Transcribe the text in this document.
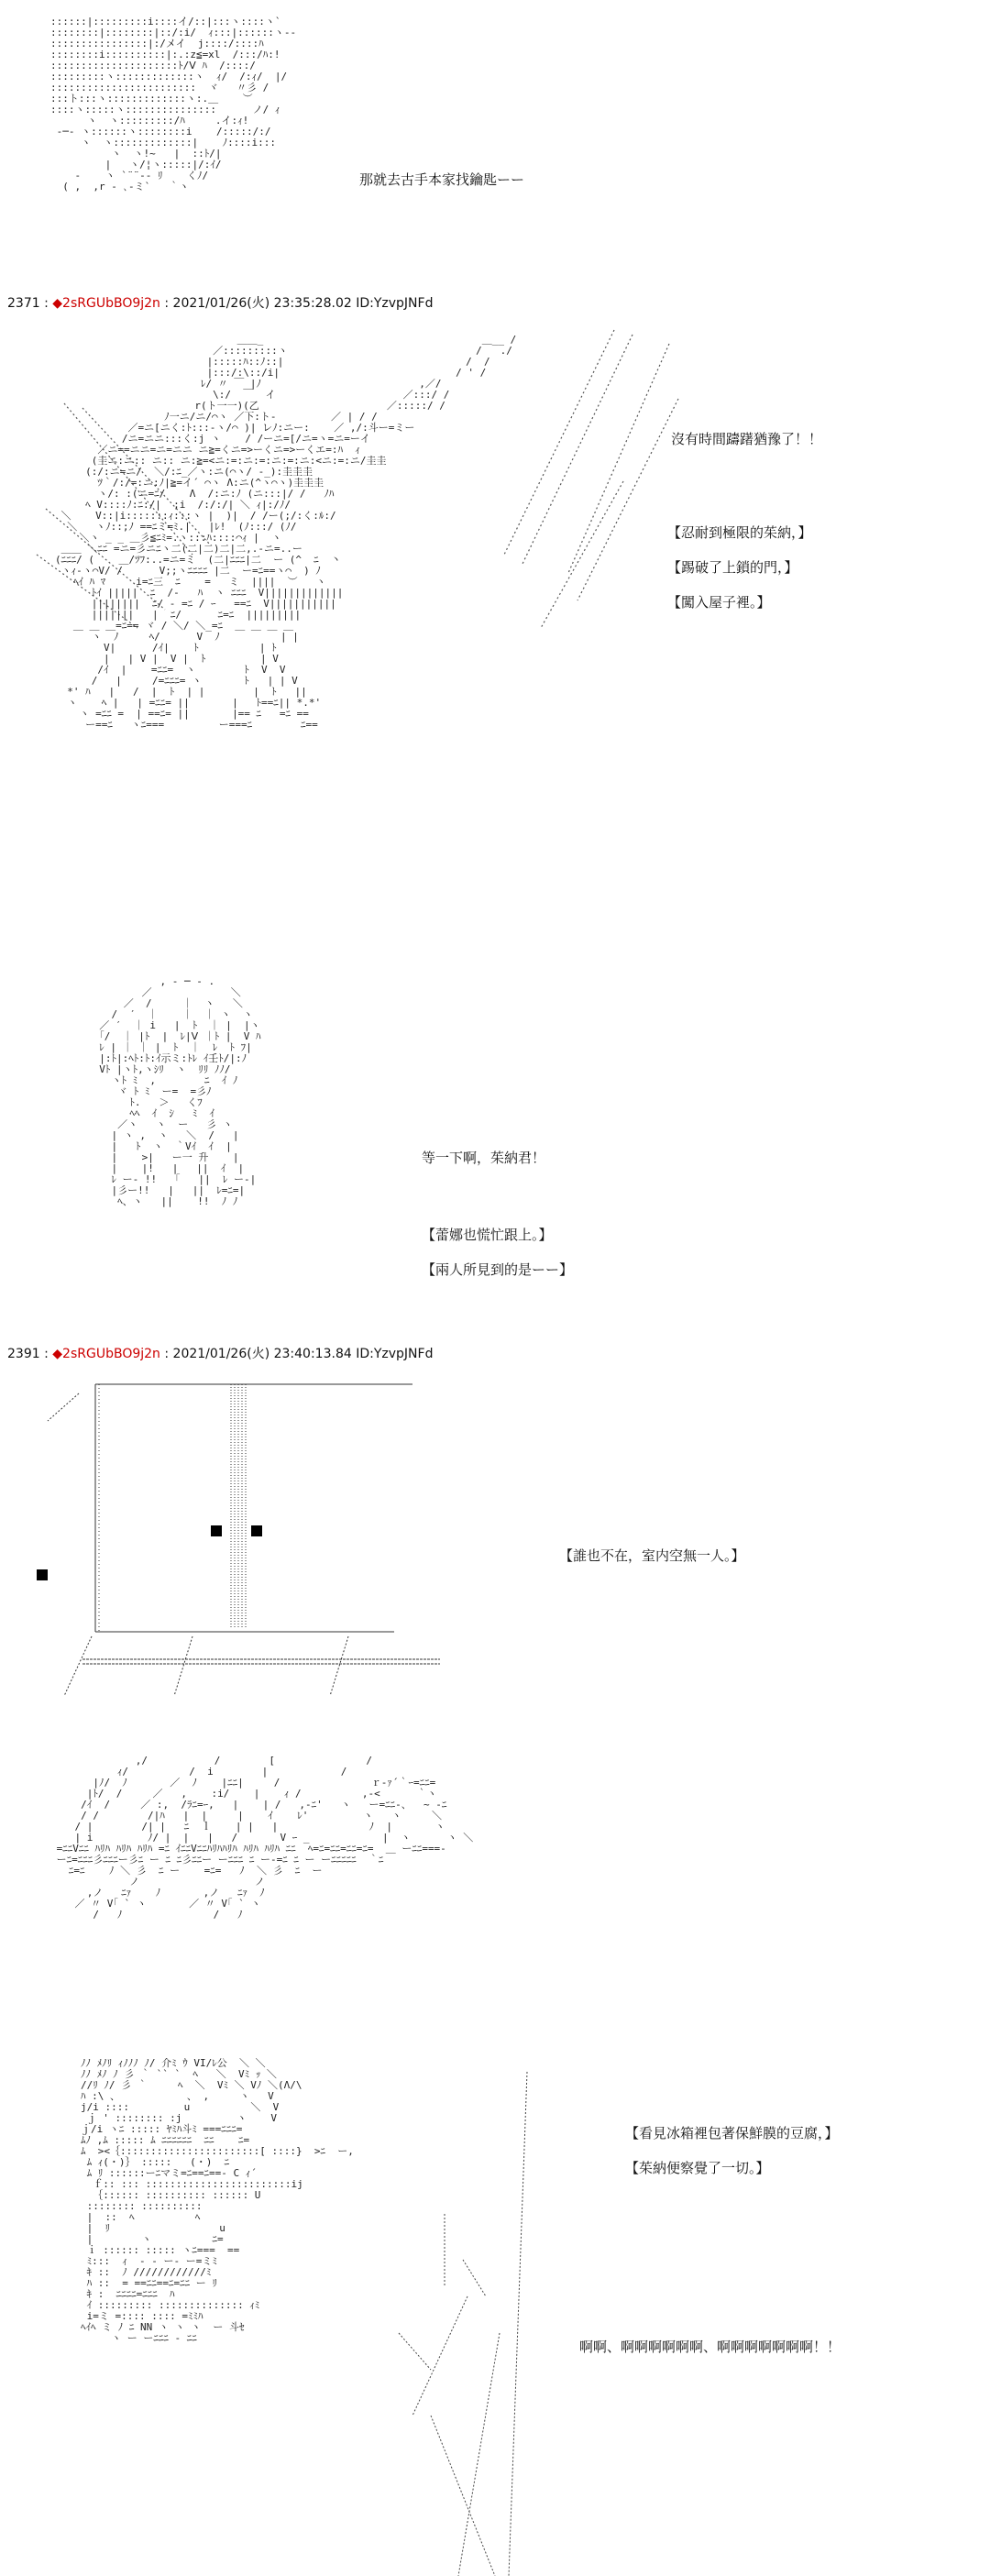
::::::|:::::::::i::::イ/::|:::ヽ::::ヽ`
::::::::|::::::::|::/:i/  ｨ:::|::::::ヽ-‐
::::::::::::::::|:/メイ  j::::/::::ﾊ
::::::::i::::::::::|:.:z≦=xl  /:::/ﾊ:!
:::::::::::::::::::::ﾄ/Ⅴ ﾊ  /::::/
:::::::::ヽ:::::::::::::ヽ  ｨ/  /:ｨ/  |/
::::::::::::::::::::::::  ヾ   〃彡 /
:::ト:::ヽ:::::::::::::ヽ:.＿    ︶
::::ヽ:::::ヽ:::::::::::::::      ノ/ ｨ
ヽ  ヽ:::::::::/ﾊ     .イ:ｨ!
‐─‐ ヽ::::::ヽ::::::::i    /:::::/:/
ヽ  ヽ:::::::::::::|    ﾉ::::i:::
ヽ  ヽ!~   |  ::ﾄ/|
|   ヽ/¦ヽ:::::|/:ｲ/
‐    ヽ `¨¨‐- ﾘ    くﾉ/
( ,  ,r - ､-ミ`   ｀ヽ	那就去古手本家找鑰匙ーー
2371 : ◆2sRGUbBO9j2n : 2021/01/26(火) 23:35:28.02 ID:YzvpJNFd
＿＿_                                    ＿__ /
／:::::::::ヽ                               /   ./
|:::::ﾊ::ﾉ::|                              /  /
|:::/:\::/i|                             / ' /
ﾚ/ 〃 ￣ |ﾉ                          ,／/
\:/  ￣  イ                     ／:::/ /
r(ト一一)(乙                     ／:::::/ /
ﾉ一ニ/ニ/⌒ヽ ／下:ト-         ／ | / /
／=ニ[ニく:ﾄ:::‐ヽ/⌒ )| レﾉ:ニー:    ／ ,/:斗ー=ミー
/ニ=ニニ:::く:j ヽ    / /ーニ=[/ニ=ヽ=ニ=ーイ
／ニ==ニニ=ニ=ニニ ニ≧=くニ=>ーくニ=>ーくエ=:ﾊ  ｨ
(圭ニ:ニ:: ニ:: ニ:≧=<ニ:=:ニ:=:ニ:=:ニ:<ニ:=:ニ/圭圭
(:/:ニ=ニ/  ＼/:ﾆ_／ヽ:ニ(⌒ヽ/ ‐_):圭圭圭
ﾂ｀/:/=:ニ:ﾉ|≧=イ´ ⌒ヽ Λ:ニ(^ヽ⌒ヽ)圭圭圭
ヽ/: :(ニ=ﾆ/    Λ  /:ニ:ﾉ (ニ:::|/ /   ﾉﾊ
ﾍ V::::ﾉ:ﾆ:/|  ;i  /:/:/| ＼ ｨ|:/ﾉ/
＼    V::|i:::::::ｨ:::ヽ |  )|  / /ー(;/:く:ﾙ:/
＼   ヽﾉ::;ﾉ ==ﾆミ=ﾐ.|   |ﾚ!  (ﾉ:::/ (ﾉ/
＼ヽ _ _ ＿彡≦ﾆﾐ=.ヽ:::ﾊ::::⌒ｨ |  ヽ
＿＿ ＼ﾆﾆ =ニ=彡ニﾆヽ二(二|二)二|二,.-ニ=..ー
(ﾆﾆﾆ/ (    ＿/ﾂﾌ:..=ニ=ミ  (二|ﾆﾆﾆ|二  ー (^  ﾆ  丶
ヽｨ‐ヽ⌒V/ /      V;;ヽﾆﾆﾆﾆ |二  ー=ﾆ==ヽ⌒  ) ﾉ
ﾍｲ ﾊ ﾏ     i=ﾆ三  ﾆ    =   ミ  ||||  ︶   ヽ
ﾄｲ |||||  ﾆ  /-   ﾊ  ヽ ﾆﾆﾆ  V|||||||||||||
||||||||  ﾆ/ ‐ =ﾆ / ｰ   ==ﾆ  V|||||||||||
|||||||   |  ﾆ/      ﾆ=ﾆ  |||||||||
＿ ＿ ＿=ﾆ== ヾ / ＼/ ＼_=ﾆ  ＿ ＿ ＿ ＿
ヽ  ﾉ     ﾍ/      V  ﾉ          | |
V|      /ｲ|    ﾄ          | ﾄ
|   | V |  V |  ﾄ         | V
/ｲ  |    =ﾆﾆ=  ヽ        ﾄ  V  V
/   |     /=ﾆﾆﾆ= ヽ       ﾄ   | | V
*' ﾊ   |   /  |  ﾄ  | |        |  ﾄ   ||
ヽ    ﾍ |   | =ﾆﾆ= ||       |   ﾄ==ﾆ|| *.*'
ヽ =ﾆﾆ =  | ==ﾆ= ||       |== ﾆ   =ﾆ ==
ー==ﾆ   ヽﾆ===         ー===ﾆ        ﾆ==
沒有時間躊躇猶豫了！！
【忍耐到極限的茱納，】
【踢破了上鎖的門，】
【闖入屋子裡。】
, ‐ ─ ‐ .
／             ＼
／  /     ｜  ヽ   ＼
/  ′  ｜    ｜  ｜ ヽ  ヽ
／ ′  ｜ i   |  ﾄ  ｜ |  |ヽ
｢/  ｜ |ﾄ  |  ﾚ|Ⅴ ｜ﾄ |  V ﾊ
ﾚ | ｜ ｜ |  ﾄ  ｜  ﾚ  ﾄ ﾌ|
|:ﾄ|:ﾍﾄ:ﾄ:ｲ示ミ:ﾄﾚ ｲ壬ﾄ/|:ﾉ
Vﾄ |ヽﾄ,ヽｼﾘ  ヽ  ﾘﾘ ﾉﾉ/
ヽﾄ ﾐ  ,        ﾆ  ｲ ﾉ
ヾ ﾄ ﾐ  ー=  =彡ﾉ
ﾄ.   ＞   くﾌ
ﾍﾍ  ｲ  ｼ   ﾐ  ｲ
／ヽ   ヽ  ー   彡 ヽ
| ヽ ,  ヽ   ＼  /   |
|   ﾄ  ヽ  ｀Vｲ  ｲ  |
|    >|   ー一 升    |
|    |!   |   ||  ｲ  |
ﾚ ー‐ !!   ｢   ||  ﾚ ー‐|
|彡ー!!   |   ||  ﾚ=ﾆ=|
ﾍ、ヽ   ||    !!  ﾉ ﾉ
等一下啊，茱納君！
【蕾娜也慌忙跟上。】
【兩人所見到的是ーー】
2391 : ◆2sRGUbBO9j2n : 2021/01/26(火) 23:40:13.84 ID:YzvpJNFd
【誰也不在，室内空無一人。】
,/           /        [               /
ｨ/          /  i        |            /
|ﾉ/  ﾉ       ／  ﾉ    |ﾆﾆ|     /               ｒ‐ｧ´｀ｰ=ﾆﾆ=
|ﾄ/  /     ／   ,    :i/    |    ｨ /          ,‐<      ｀ヽ
/ｲ  /     ／ :,  /ﾗﾆ=ｰ,   |    | /   ,-ﾆ'   ヽ   ー=ﾆﾆ-、  ~ -ﾆ
/ /        /|ﾊ   |  |     |    ｲ    ﾚ'         ヽ   ヽ     ＼
/ |        /| |   ﾆ  ｌ    | |   |               ﾉ  |       ヽ
| i         ﾉ/ |  |   |   /       V ｰ _            |  ヽ      ヽ ＼
=ﾆﾆVﾆﾆ ﾊﾘﾊ ﾊﾘﾊ ﾊﾘﾊ =ﾆ ｲﾆﾆVﾆﾆﾊﾘﾊﾊﾘﾊ ﾊﾘﾊ ﾊﾘﾊ ﾆﾆ  ﾍ=ﾆ=ﾆﾆ=ﾆﾆ=ﾆ=  ＿ ーﾆﾆ===-
ーﾆ=ﾆﾆﾆ彡ﾆﾆﾆー彡ﾆ ー ﾆ ﾆ彡ﾆﾆー ーﾆﾆﾆ ﾆ ー‐=ﾆ ﾆ ー ーﾆﾆﾆﾆﾆ  ｀ﾆ
ﾆ=ﾆ    ﾉ ＼ 彡  ﾆ ー    =ﾆ=   ﾉ  ＼ 彡  ﾆ  ー
ノ                   ノ
,ノ   ﾆｧ    ﾉ       ,ノ   ﾆｧ  ﾉ
／ 〃 V｢ ` ヽ       ／ 〃 V｢ ` ヽ
/   ﾉ               /   ﾉ
ﾉﾉ ﾒﾉﾘ ｨﾉﾉﾉ ﾉ/ 介ﾐ ｳ VI/ﾚ公  ＼ ＼
ﾉﾉ ﾒﾉ ﾉ 彡 ｀ `` `  ﾍ   ＼  Vﾐ ｯ ＼
//ﾘ ﾉ/ 彡 ｀     ﾍ  ＼  Vﾐ ＼ Vﾉ ＼(Λ/\
ﾊ :\ 、           、 ,     ヽ   V
j/i ::::         u          ＼  V
ｊ ' :::::::: :j         ヽ    V
ｊ/i ヽﾆ ::::: ﾔﾐﾊ斗ﾐ ===ﾆﾆﾆ=
ﾑﾉ ,ﾑ ::::: ﾑ ﾆﾆﾆﾆﾆﾆ  ﾆﾆ    ﾆ=
ﾑ  ><｛:::::::::::::::::::::::[ ::::}  >ﾆ  ー,
ﾑ ｨ(・)｝ :::::   (・)  ﾆ
ﾑ ﾘ ::::::ーﾆマミ=ﾆ==ﾆ==‐ C ｨ´
ｆ:: ::: ::::::::::::::::::::::::ij
｛:::::: :::::::::: :::::: U
:::::::: ::::::::::
|  ::  ﾍ          ﾍ
|  ﾘ                  u
|        ヽ          ﾆ=
ｉ :::::: ::::: ヽﾆ===  ==
ﾐ:::  ｨ  ‐ ‐ ー‐ ー=ミﾐ
ｷ ::  ﾉ ////////////ﾐ
ﾊ ::  = ==ﾆﾆ==ﾆ=ﾆﾆ ー ﾘ
ｷ :  ﾆﾆﾆﾆ=ﾆﾆﾆ  ﾊ
ｲ ::::::::: :::::::::::::: ｨﾐ
i=ミ =:::: :::: =ﾐﾐﾊ
ﾍｲﾍ ミ ﾉ ﾆ NN ヽ ヽ ヽ  ー 斗ｾ
ヽ ー ーﾆﾆﾆ ‐ ﾆﾆ
【看見冰箱裡包著保鮮膜的豆腐，】
【茱納便察覺了一切。】
啊啊、啊啊啊啊啊啊、啊啊啊啊啊啊啊！！
